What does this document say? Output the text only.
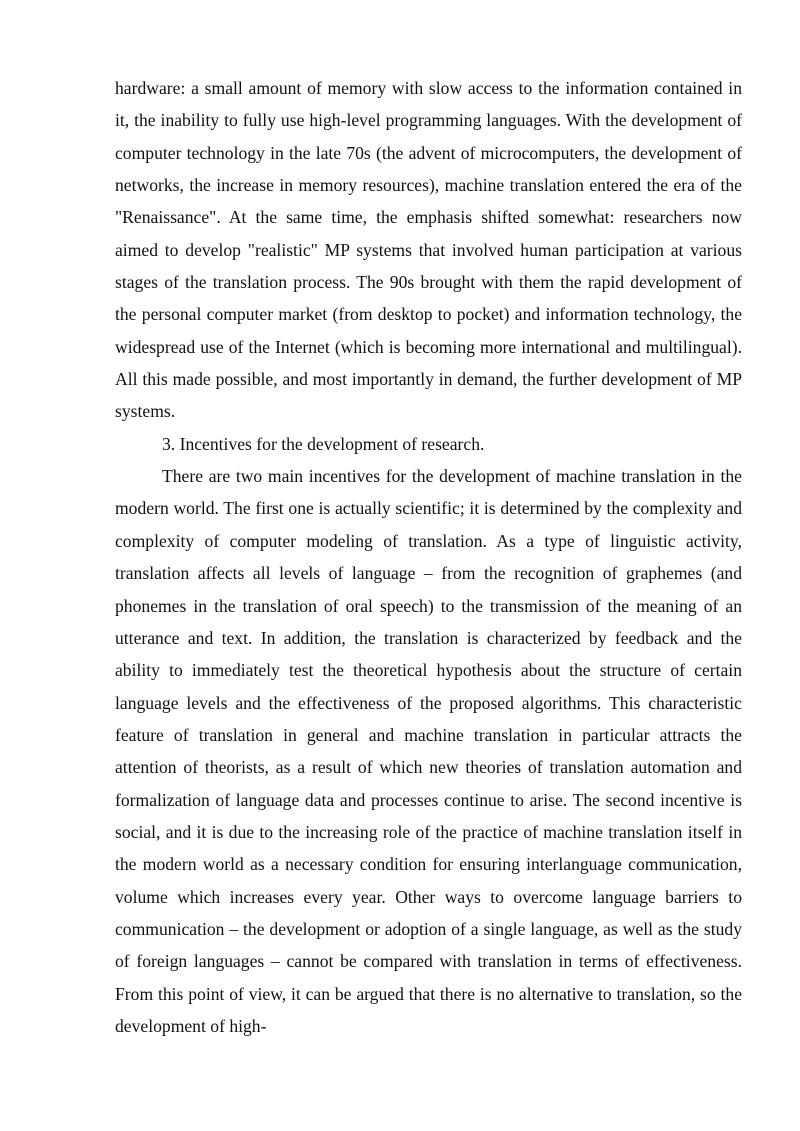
hardware: a small amount of memory with slow access to the information contained in it, the inability to fully use high-level programming languages. With the development of computer technology in the late 70s (the advent of microcomputers, the development of networks, the increase in memory resources), machine translation entered the era of the "Renaissance". At the same time, the emphasis shifted somewhat: researchers now aimed to develop "realistic" MP systems that involved human participation at various stages of the translation process. The 90s brought with them the rapid development of the personal computer market (from desktop to pocket) and information technology, the widespread use of the Internet (which is becoming more international and multilingual). All this made possible, and most importantly in demand, the further development of MP systems.

3. Incentives for the development of research.

There are two main incentives for the development of machine translation in the modern world. The first one is actually scientific; it is determined by the complexity and complexity of computer modeling of translation. As a type of linguistic activity, translation affects all levels of language – from the recognition of graphemes (and phonemes in the translation of oral speech) to the transmission of the meaning of an utterance and text. In addition, the translation is characterized by feedback and the ability to immediately test the theoretical hypothesis about the structure of certain language levels and the effectiveness of the proposed algorithms. This characteristic feature of translation in general and machine translation in particular attracts the attention of theorists, as a result of which new theories of translation automation and formalization of language data and processes continue to arise. The second incentive is social, and it is due to the increasing role of the practice of machine translation itself in the modern world as a necessary condition for ensuring interlanguage communication, volume which increases every year. Other ways to overcome language barriers to communication – the development or adoption of a single language, as well as the study of foreign languages – cannot be compared with translation in terms of effectiveness. From this point of view, it can be argued that there is no alternative to translation, so the development of high-
